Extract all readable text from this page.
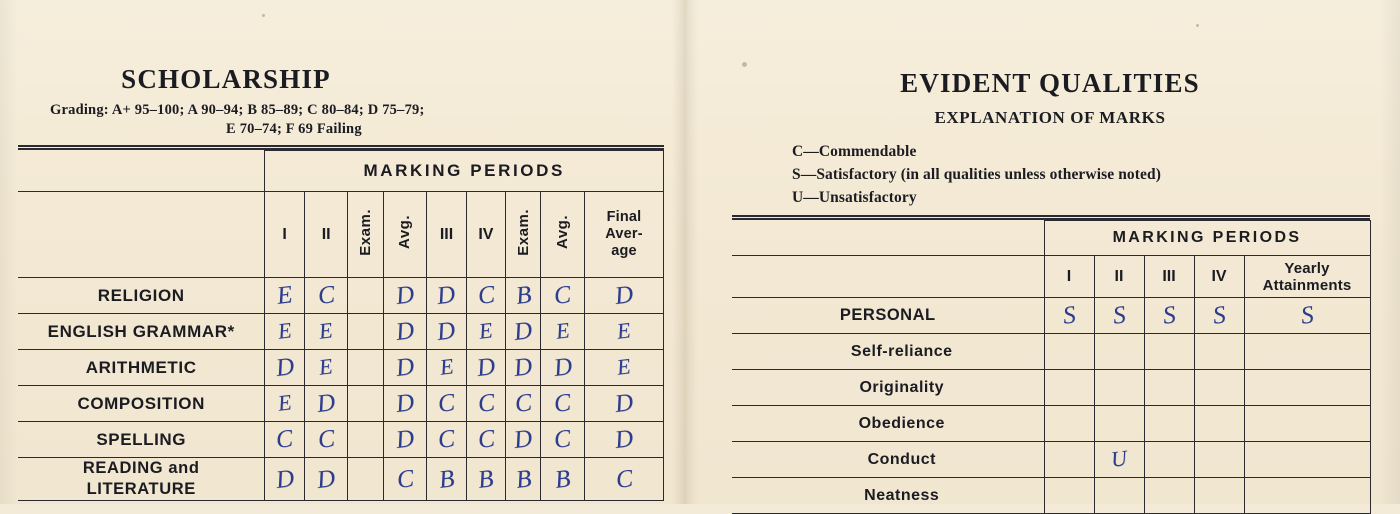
SCHOLARSHIP
Grading: A+ 95–100; A 90–94; B 85–89; C 80–84; D 75–79;
E 70–74; F 69 Failing
	MARKING PERIODS								
	I	II	Exam.	Avg.	III	IV	Exam.	Avg.	Final
Aver-
age

RELIGION	E	C		D	D	C	B	C	D
ENGLISH GRAMMAR*	E	E		D	D	E	D	E	E
ARITHMETIC	D	E		D	E	D	D	D	E
COMPOSITION	E	D		D	C	C	C	C	D
SPELLING	C	C		D	C	C	D	C	D
READING and
LITERATURE	D	D		C	B	B	B	B	C
EVIDENT QUALITIES
EXPLANATION OF MARKS
C—Commendable
S—Satisfactory (in all qualities unless otherwise noted)
U—Unsatisfactory
	MARKING PERIODS				
	I	II	III	IV	Yearly
Attainments

PERSONAL	S	S	S	S	S
Self-reliance					
Originality					
Obedience					
Conduct		U			
Neatness					
